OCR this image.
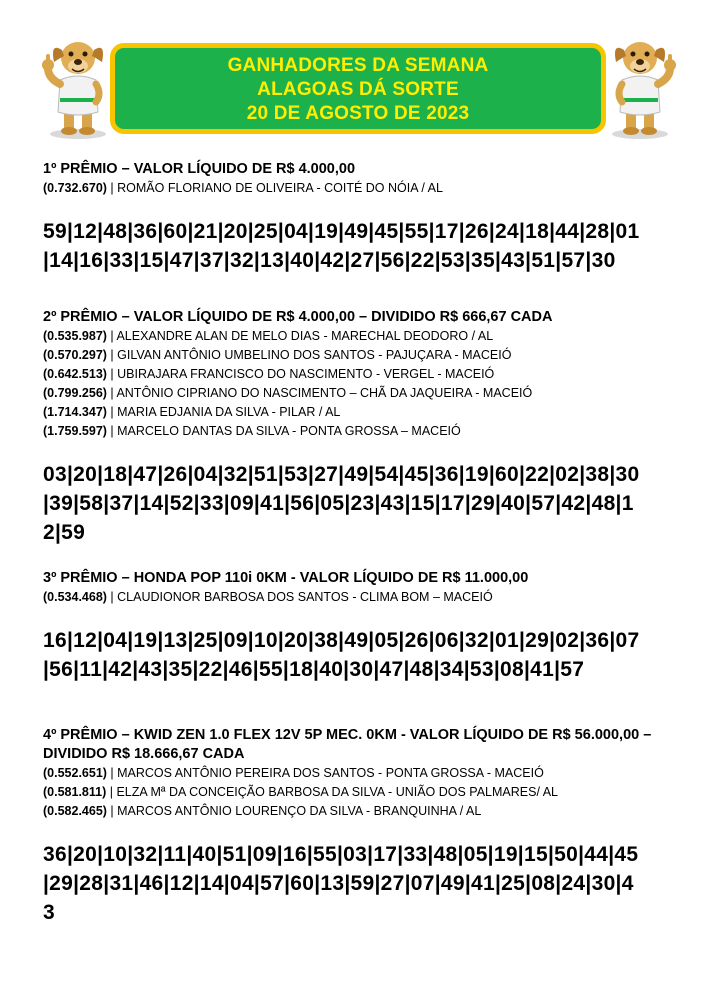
GANHADORES DA SEMANA
ALAGOAS DÁ SORTE
20 DE AGOSTO DE 2023

1º PRÊMIO – VALOR LÍQUIDO DE R$ 4.000,00

(0.732.670) | ROMÃO FLORIANO DE OLIVEIRA - COITÉ DO NÓIA / AL

59|12|48|36|60|21|20|25|04|19|49|45|55|17|26|24|18|44|28|01|14|16|33|15|47|37|32|13|40|42|27|56|22|53|35|43|51|57|30

2º PRÊMIO – VALOR LÍQUIDO DE R$ 4.000,00 – DIVIDIDO R$ 666,67 CADA

(0.535.987) | ALEXANDRE ALAN DE MELO DIAS - MARECHAL DEODORO / AL

(0.570.297) | GILVAN ANTÔNIO UMBELINO DOS SANTOS - PAJUÇARA - MACEIÓ

(0.642.513) | UBIRAJARA FRANCISCO DO NASCIMENTO - VERGEL - MACEIÓ

(0.799.256) | ANTÔNIO CIPRIANO DO NASCIMENTO – CHÃ DA JAQUEIRA - MACEIÓ

(1.714.347) | MARIA EDJANIA DA SILVA - PILAR / AL

(1.759.597) | MARCELO DANTAS DA SILVA - PONTA GROSSA – MACEIÓ

03|20|18|47|26|04|32|51|53|27|49|54|45|36|19|60|22|02|38|30|39|58|37|14|52|33|09|41|56|05|23|43|15|17|29|40|57|42|48|12|59

3º PRÊMIO – HONDA POP 110i 0KM - VALOR LÍQUIDO DE R$ 11.000,00

(0.534.468) | CLAUDIONOR BARBOSA DOS SANTOS - CLIMA BOM – MACEIÓ

16|12|04|19|13|25|09|10|20|38|49|05|26|06|32|01|29|02|36|07|56|11|42|43|35|22|46|55|18|40|30|47|48|34|53|08|41|57

4º PRÊMIO – KWID ZEN 1.0 FLEX 12V 5P MEC. 0KM - VALOR LÍQUIDO DE R$ 56.000,00 – DIVIDIDO R$ 18.666,67 CADA

(0.552.651) | MARCOS ANTÔNIO PEREIRA DOS SANTOS - PONTA GROSSA - MACEIÓ

(0.581.811) | ELZA Mª DA CONCEIÇÃO BARBOSA DA SILVA - UNIÃO DOS PALMARES/ AL

(0.582.465) | MARCOS ANTÔNIO LOURENÇO DA SILVA - BRANQUINHA / AL

36|20|10|32|11|40|51|09|16|55|03|17|33|48|05|19|15|50|44|45|29|28|31|46|12|14|04|57|60|13|59|27|07|49|41|25|08|24|30|43
